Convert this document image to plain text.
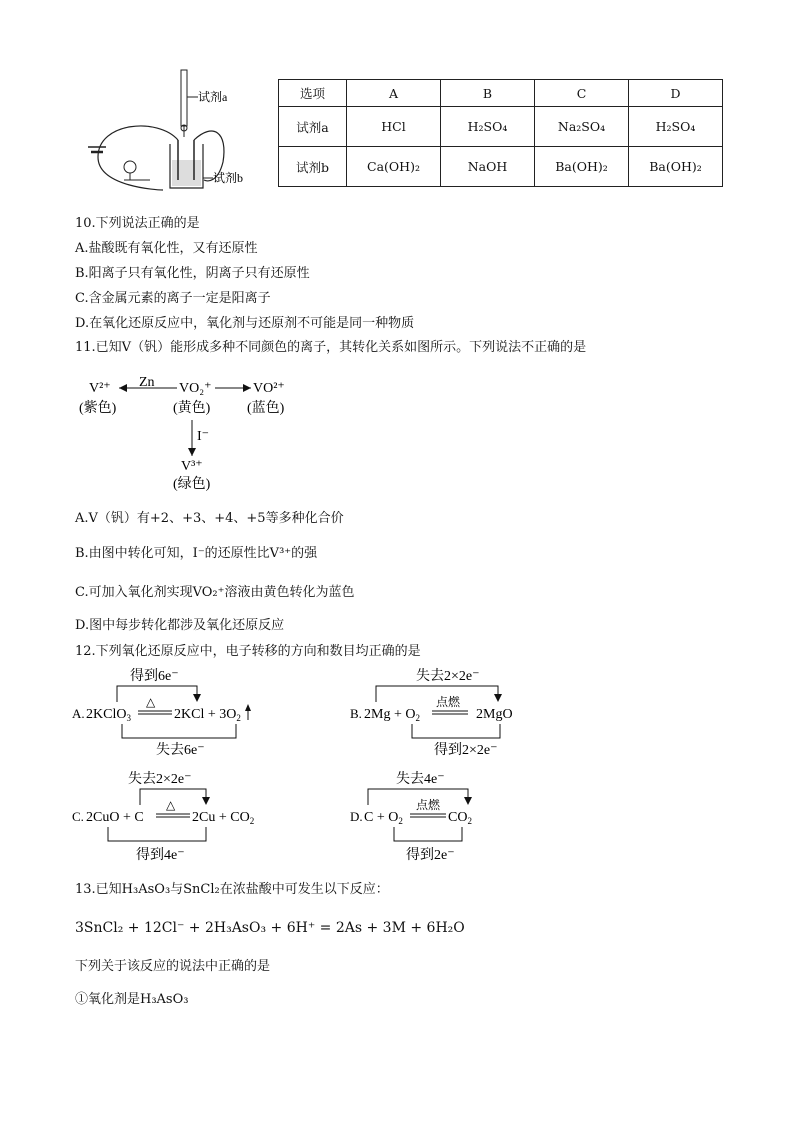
试剂a
试剂b
选项	A	B	C	D
试剂a	HCl	H₂SO₄	Na₂SO₄	H₂SO₄
试剂b	Ca(OH)₂	NaOH	Ba(OH)₂	Ba(OH)₂
10.下列说法正确的是
A.盐酸既有氧化性，又有还原性
B.阳离子只有氧化性，阴离子只有还原性
C.含金属元素的离子一定是阳离子
D.在氧化还原反应中，氧化剂与还原剂不可能是同一种物质
11.已知V（钒）能形成多种不同颜色的离子，其转化关系如图所示。下列说法不正确的是
V²⁺
(紫色)
Zn VO₂⁺
(黄色)
VO²⁺
(蓝色)
I⁻
V³⁺
(绿色)
A.V（钒）有+2、+3、+4、+5等多种化合价
B.由图中转化可知，I⁻的还原性比V³⁺的强
C.可加入氧化剂实现VO₂⁺溶液由黄色转化为蓝色
D.图中每步转化都涉及氧化还原反应
12.下列氧化还原反应中，电子转移的方向和数目均正确的是
得到6e⁻
A. 2KClO$_3$
△
$2KCl + 3O_2$
失去6e⁻
失去2×2e⁻
B. $2Mg + O_2$
点燃
2MgO
得到2×2e⁻
失去2×2e⁻
C. 2CuO + C
△
$2Cu + CO_2$
得到4e⁻
失去4e⁻
D. $C + O_2$
点燃
$CO_2$
得到2e⁻
13.已知H₃AsO₃与SnCl₂在浓盐酸中可发生以下反应：
3SnCl₂ + 12Cl⁻ + 2H₃AsO₃ + 6H⁺ = 2As + 3M + 6H₂O
下列关于该反应的说法中正确的是
①氧化剂是H₃AsO₃
